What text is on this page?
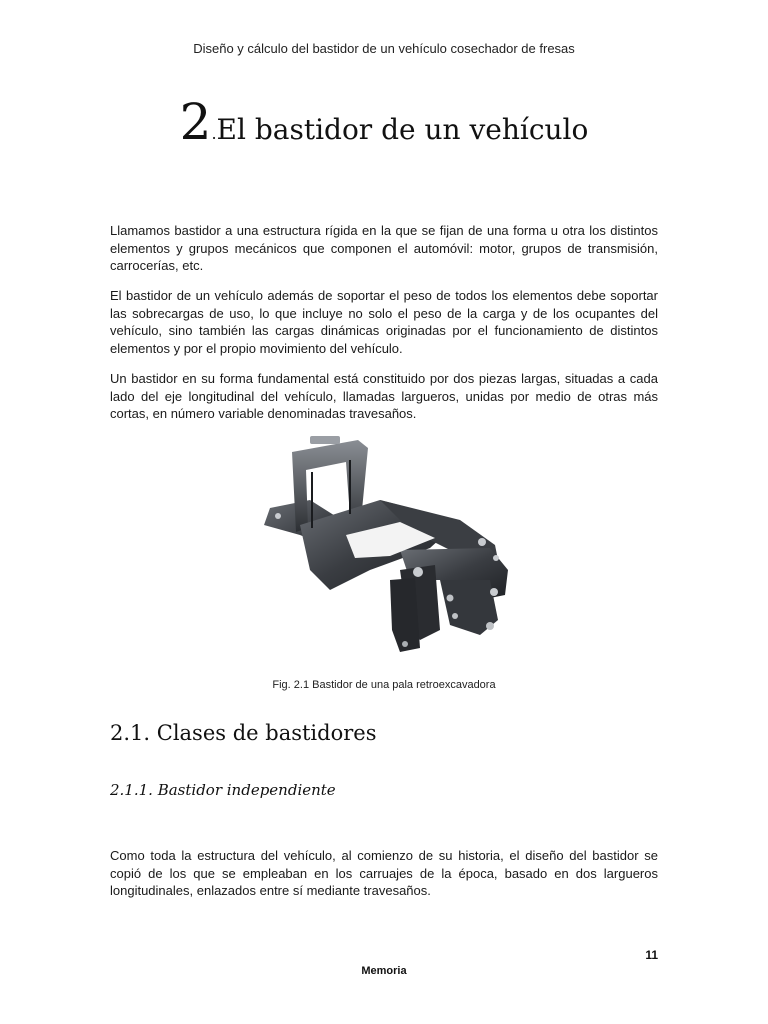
Diseño y cálculo del bastidor de un vehículo cosechador de fresas
2.El bastidor de un vehículo

Llamamos bastidor a una estructura rígida en la que se fijan de una forma u otra los distintos elementos y grupos mecánicos que componen el automóvil: motor, grupos de transmisión, carrocerías, etc.

El bastidor de un vehículo además de soportar el peso de todos los elementos debe soportar las sobrecargas de uso, lo que incluye no solo el peso de la carga y de los ocupantes del vehículo, sino también las cargas dinámicas originadas por el funcionamiento de distintos elementos y por el propio movimiento del vehículo.

Un bastidor en su forma fundamental está constituido por dos piezas largas, situadas a cada lado del eje longitudinal del vehículo, llamadas largueros, unidas por medio de otras más cortas, en número variable denominadas travesaños.

Fig. 2.1 Bastidor de una pala retroexcavadora
2.1. Clases de bastidores
2.1.1. Bastidor independiente

Como toda la estructura del vehículo, al comienzo de su historia, el diseño del bastidor se copió de los que se empleaban en los carruajes de la época, basado en dos largueros longitudinales, enlazados entre sí mediante travesaños.

11
Memoria
